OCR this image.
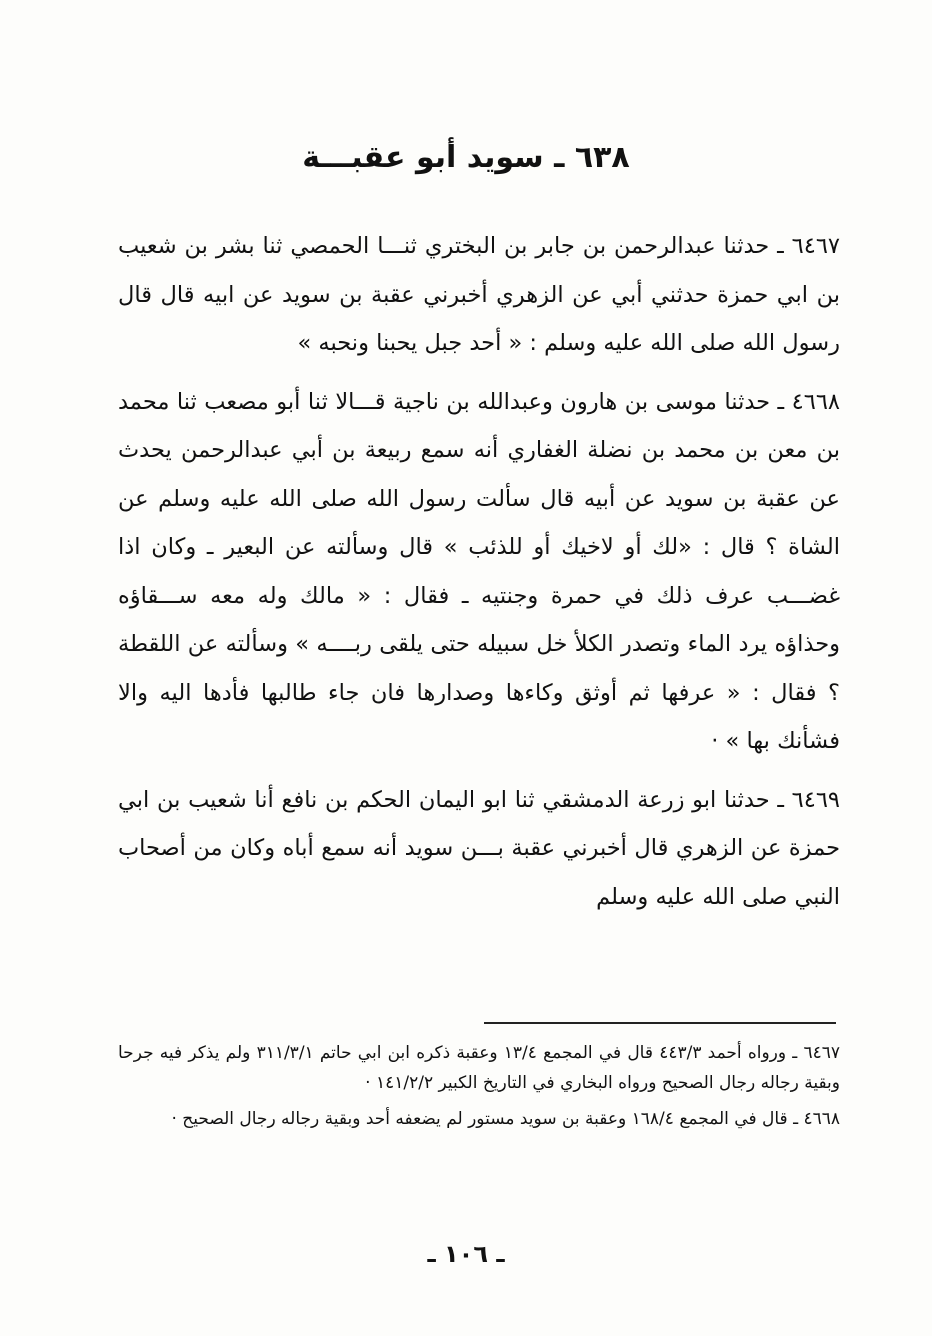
٦٣٨ ـ سويد أبو عقبـــة

٦٤٦٧ ـ حدثنا عبدالرحمن بن جابر بن البختري ثنـــا الحمصي ثنا بشر بن شعيب بن ابي حمزة حدثني أبي عن الزهري أخبرني عقبة بن سويد عن ابيه قال قال رسول الله صلى الله عليه وسلم : « أحد جبل يحبنا ونحبه »

٤٦٦٨ ـ حدثنا موسى بن هارون وعبدالله بن ناجية قـــالا ثنا أبو مصعب ثنا محمد بن معن بن محمد بن نضلة الغفاري أنه سمع ربيعة بن أبي عبدالرحمن يحدث عن عقبة بن سويد عن أبيه قال سألت رسول الله صلى الله عليه وسلم عن الشاة ؟ قال : «لك أو لاخيك أو للذئب » قال وسألته عن البعير ـ وكان اذا غضـــب عرف ذلك في حمرة وجنتيه ـ فقال : « مالك وله معه ســـقاؤه وحذاؤه يرد الماء وتصدر الكلأ خل سبيله حتى يلقى ربــــه » وسألته عن اللقطة ؟ فقال : « عرفها ثم أوثق وكاءها وصدارها فان جاء طالبها فأدها اليه والا فشأنك بها » ·

٦٤٦٩ ـ حدثنا ابو زرعة الدمشقي ثنا ابو اليمان الحكم بن نافع أنا شعيب بن ابي حمزة عن الزهري قال أخبرني عقبة بـــن سويد أنه سمع أباه وكان من أصحاب النبي صلى الله عليه وسلم

٦٤٦٧ ـ ورواه أحمد ٤٤٣/٣ قال في المجمع ١٣/٤ وعقبة ذكره ابن ابي حاتم ٣١١/٣/١ ولم يذكر فيه جرحا وبقية رجاله رجال الصحيح ورواه البخاري في التاريخ الكبير ١٤١/٢/٢ ·

٤٦٦٨ ـ قال في المجمع ١٦٨/٤ وعقبة بن سويد مستور لم يضعفه أحد وبقية رجاله رجال الصحيح ·

ـ ١٠٦ ـ
